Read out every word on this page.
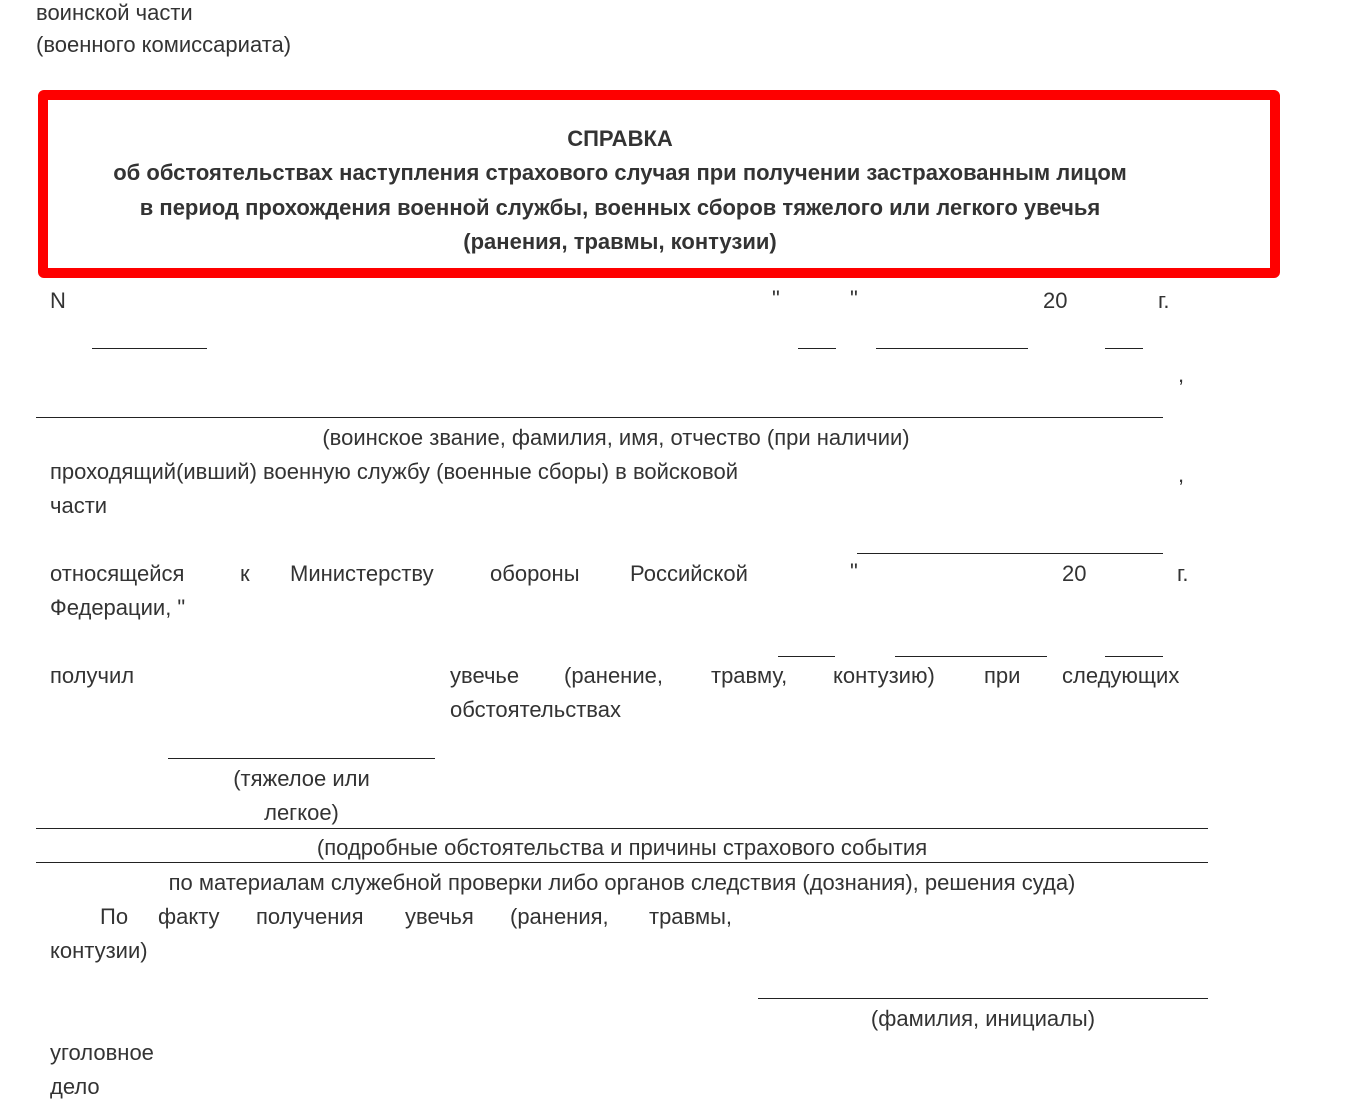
воинской части
(военного комиссариата)
СПРАВКА
об обстоятельствах наступления страхового случая при получении застрахованным лицом
в период прохождения военной службы, военных сборов тяжелого или легкого увечья
(ранения, травмы, контузии)
N	"	"	20	г.
,
(воинское звание, фамилия, имя, отчество (при наличии)
проходящий(ивший) военную службу (военные сборы) в войсковой
части
,
относящейся	к Министерству	обороны Российской
Федерации, "
"	20	г.
получил	увечье (ранение, травму, контузию) при следующих
обстоятельствах
(тяжелое или
легкое)
(подробные обстоятельства и причины страхового события
по материалам служебной проверки либо органов следствия (дознания), решения суда)
По факту получения увечья (ранения, травмы,
контузии)
(фамилия, инициалы)
уголовное
дело
